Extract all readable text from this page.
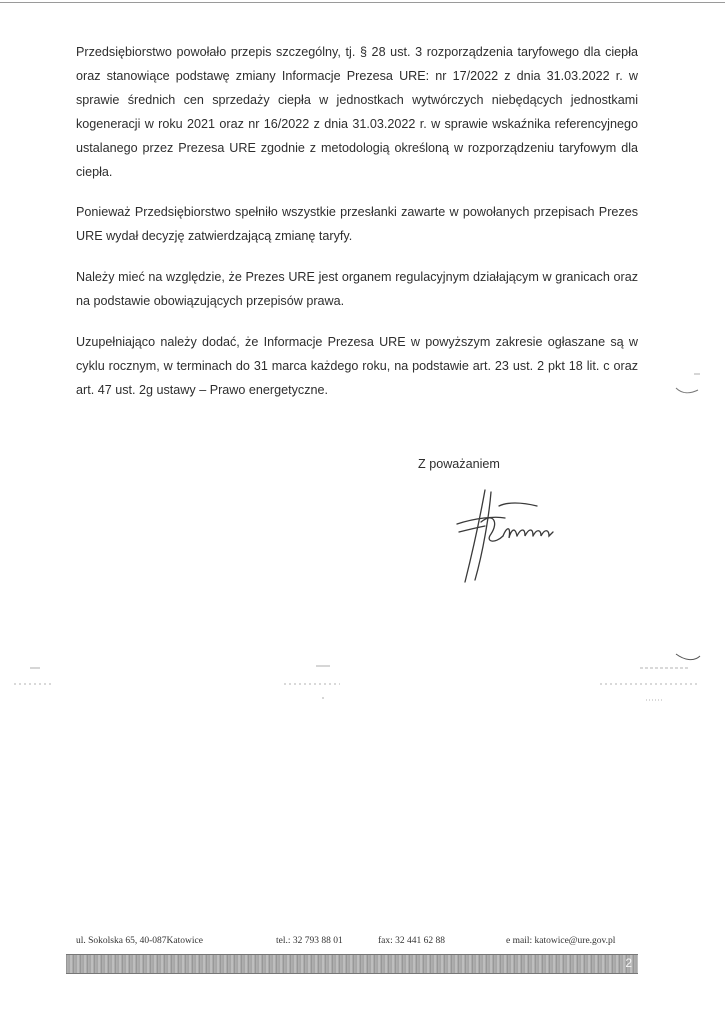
Przedsiębiorstwo powołało przepis szczególny, tj. § 28 ust. 3 rozporządzenia taryfowego dla ciepła oraz stanowiące podstawę zmiany Informacje Prezesa URE: nr 17/2022 z dnia 31.03.2022 r. w sprawie średnich cen sprzedaży ciepła w jednostkach wytwórczych niebędących jednostkami kogeneracji w roku 2021 oraz nr 16/2022 z dnia 31.03.2022 r. w sprawie wskaźnika referencyjnego ustalanego przez Prezesa URE zgodnie z metodologią określoną w rozporządzeniu taryfowym dla ciepła.

Ponieważ Przedsiębiorstwo spełniło wszystkie przesłanki zawarte w powołanych przepisach Prezes URE wydał decyzję zatwierdzającą zmianę taryfy.

Należy mieć na względzie, że Prezes URE jest organem regulacyjnym działającym w granicach oraz na podstawie obowiązujących przepisów prawa.

Uzupełniająco należy dodać, że Informacje Prezesa URE w powyższym zakresie ogłaszane są w cyklu rocznym, w terminach do 31 marca każdego roku, na podstawie art. 23 ust. 2 pkt 18 lit. c oraz art. 47 ust. 2g ustawy – Prawo energetyczne.

Z poważaniem
ul. Sokolska 65, 40-087Katowice	tel.: 32 793 88 01	fax: 32 441 62 88	e mail: katowice@ure.gov.pl
2
